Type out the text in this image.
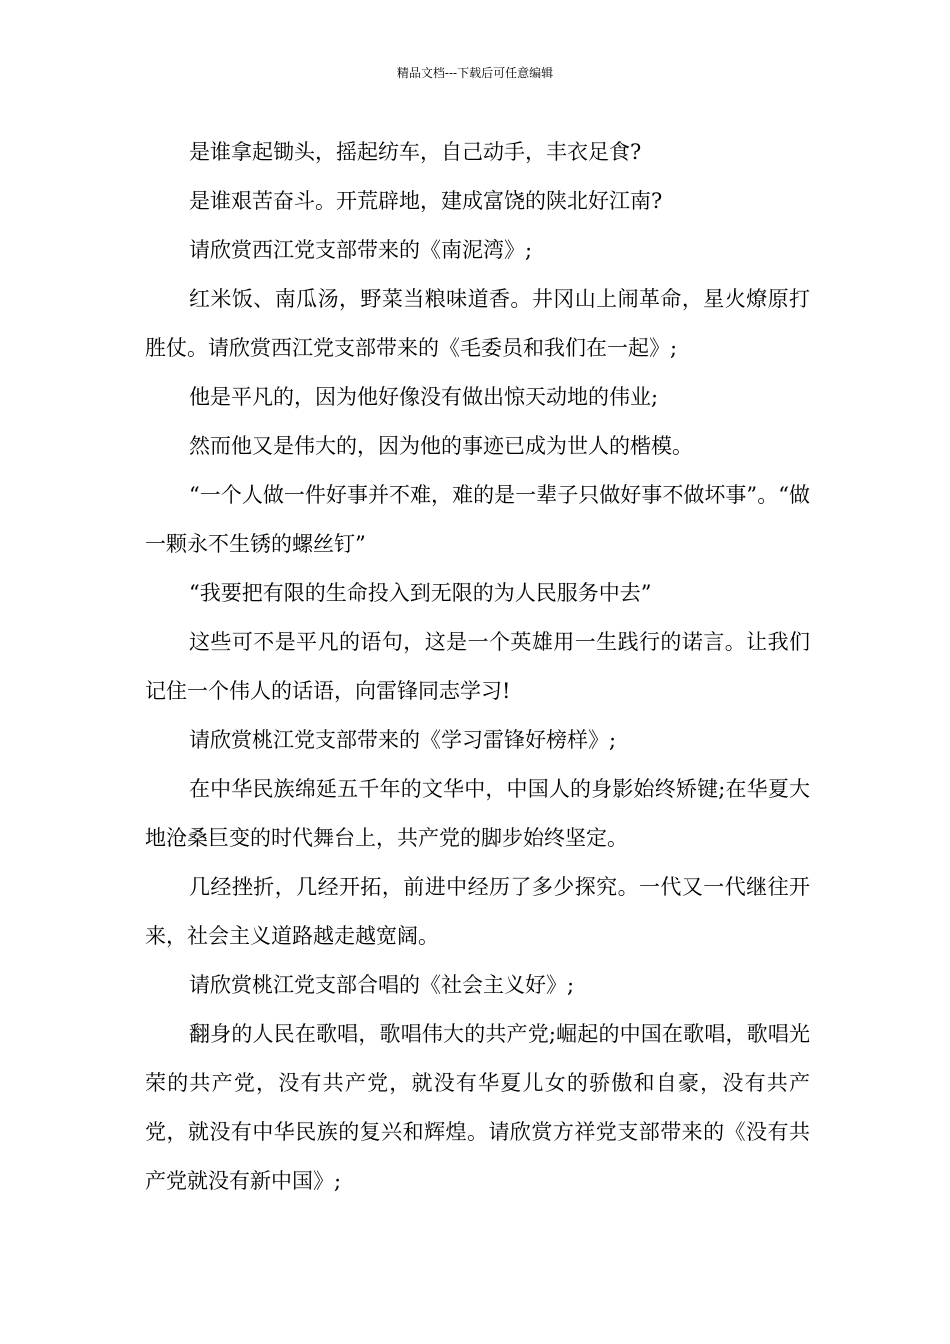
精品文档---下载后可任意编辑

是谁拿起锄头，摇起纺车，自己动手，丰衣足食?

是谁艰苦奋斗。开荒辟地，建成富饶的陕北好江南?

请欣赏西江党支部带来的《南泥湾》;

红米饭、南瓜汤，野菜当粮味道香。井冈山上闹革命，星火燎原打胜仗。请欣赏西江党支部带来的《毛委员和我们在一起》;

他是平凡的，因为他好像没有做出惊天动地的伟业;

然而他又是伟大的，因为他的事迹已成为世人的楷模。

“一个人做一件好事并不难，难的是一辈子只做好事不做坏事”。“做一颗永不生锈的螺丝钉”

“我要把有限的生命投入到无限的为人民服务中去”

这些可不是平凡的语句，这是一个英雄用一生践行的诺言。让我们记住一个伟人的话语，向雷锋同志学习!

请欣赏桃江党支部带来的《学习雷锋好榜样》;

在中华民族绵延五千年的文华中，中国人的身影始终矫键;在华夏大地沧桑巨变的时代舞台上，共产党的脚步始终坚定。

几经挫折，几经开拓，前进中经历了多少探究。一代又一代继往开来，社会主义道路越走越宽阔。

请欣赏桃江党支部合唱的《社会主义好》;

翻身的人民在歌唱，歌唱伟大的共产党;崛起的中国在歌唱，歌唱光荣的共产党，没有共产党，就没有华夏儿女的骄傲和自豪，没有共产党，就没有中华民族的复兴和辉煌。请欣赏方祥党支部带来的《没有共产党就没有新中国》;
